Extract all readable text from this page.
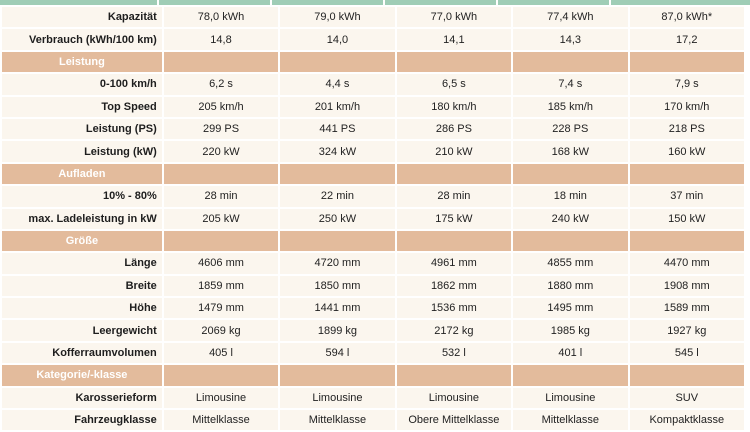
Kapazität	78,0 kWh	79,0 kWh	77,0 kWh	77,4 kWh	87,0 kWh*
Verbrauch (kWh/100 km)	14,8	14,0	14,1	14,3	17,2
Leistung					
0-100 km/h	6,2 s	4,4 s	6,5 s	7,4 s	7,9 s
Top Speed	205 km/h	201 km/h	180 km/h	185 km/h	170 km/h
Leistung (PS)	299 PS	441 PS	286 PS	228 PS	218 PS
Leistung (kW)	220 kW	324 kW	210 kW	168 kW	160 kW
Aufladen					
10% - 80%	28 min	22 min	28 min	18 min	37 min
max. Ladeleistung in kW	205 kW	250 kW	175 kW	240 kW	150 kW
Größe					
Länge	4606 mm	4720 mm	4961 mm	4855 mm	4470 mm
Breite	1859 mm	1850 mm	1862 mm	1880 mm	1908 mm
Höhe	1479 mm	1441 mm	1536 mm	1495 mm	1589 mm
Leergewicht	2069 kg	1899 kg	2172 kg	1985 kg	1927 kg
Kofferraumvolumen	405 l	594 l	532 l	401 l	545 l
Kategorie/-klasse					
Karosserieform	Limousine	Limousine	Limousine	Limousine	SUV
Fahrzeugklasse	Mittelklasse	Mittelklasse	Obere Mittelklasse	Mittelklasse	Kompaktklasse
